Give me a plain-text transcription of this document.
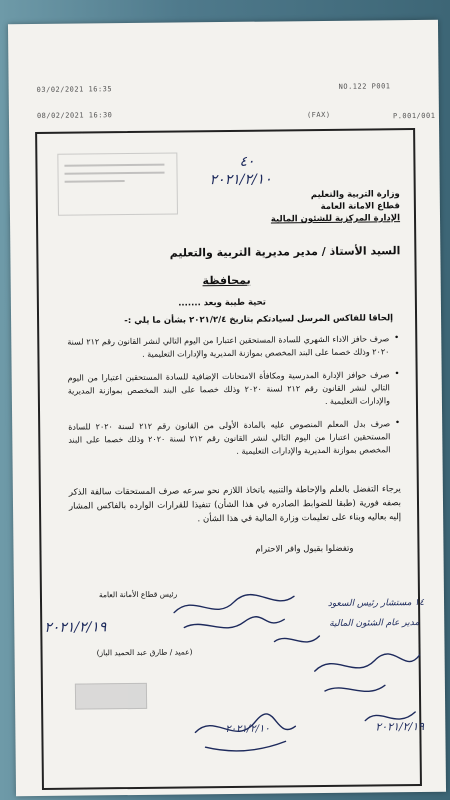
03/02/2021 16:35	NO.122 P001
08/02/2021 16:30	(FAX)	P.001/001
٤٠
٢٠٢١/٢/١٠
وزارة التربية والتعليم
قطاع الامانة العامة
الإدارة المركزية للشئون المالية
السيد الأستاذ / مدير مديرية التربية والتعليم
بمحافظة
تحية طيبة وبعد .......
إلحاقا للفاكس المرسل لسيادتكم بتاريخ ٢٠٢١/٢/٤ بشأن ما يلي :-
• صرف حافز الاداء الشهري للسادة المستحقين اعتبارا من اليوم التالي لنشر القانون رقم ٢١٢ لسنة ٢٠٢٠ وذلك خصما على البند المخصص بموازنة المديرية والإدارات التعليمية .
• صرف حوافز الإدارة المدرسية ومكافأة الامتحانات الإضافية للسادة المستحقين اعتبارا من اليوم التالي لنشر القانون رقم ٢١٢ لسنة ٢٠٢٠ وذلك خصما على البند المخصص بموازنة المديرية والإدارات التعليمية .
• صرف بدل المعلم المنصوص عليه بالمادة الأولى من القانون رقم ٢١٢ لسنة ٢٠٢٠ للسادة المستحقين اعتبارا من اليوم التالي لنشر القانون رقم ٢١٢ لسنة ٢٠٢٠ وذلك خصما على البند المخصص بموازنة المديرية والإدارات التعليمية .
يرجاء التفضل بالعلم والإحاطة والتنبيه باتخاذ اللازم نحو سرعه صرف المستحقات سالفة الذكر بصفه فورية (طبقا للضوابط الصادره في هذا الشأن) تنفيذا للقرارات الوارده بالفاكس المشار إليه بعاليه وبناء على تعليمات وزارة المالية في هذا الشأن .
وتفضلوا بقبول وافر الاحترام
رئيس قطاع الأمانة العامة
(عميد / طارق عبد الحميد الباز)
٢٠٢١/٢/١٩
١٤ مستشار رئيس السعود
مدير عام الشئون المالية
٢٠٢١/٢/١٩
٢٠٢١/٢/١٠
